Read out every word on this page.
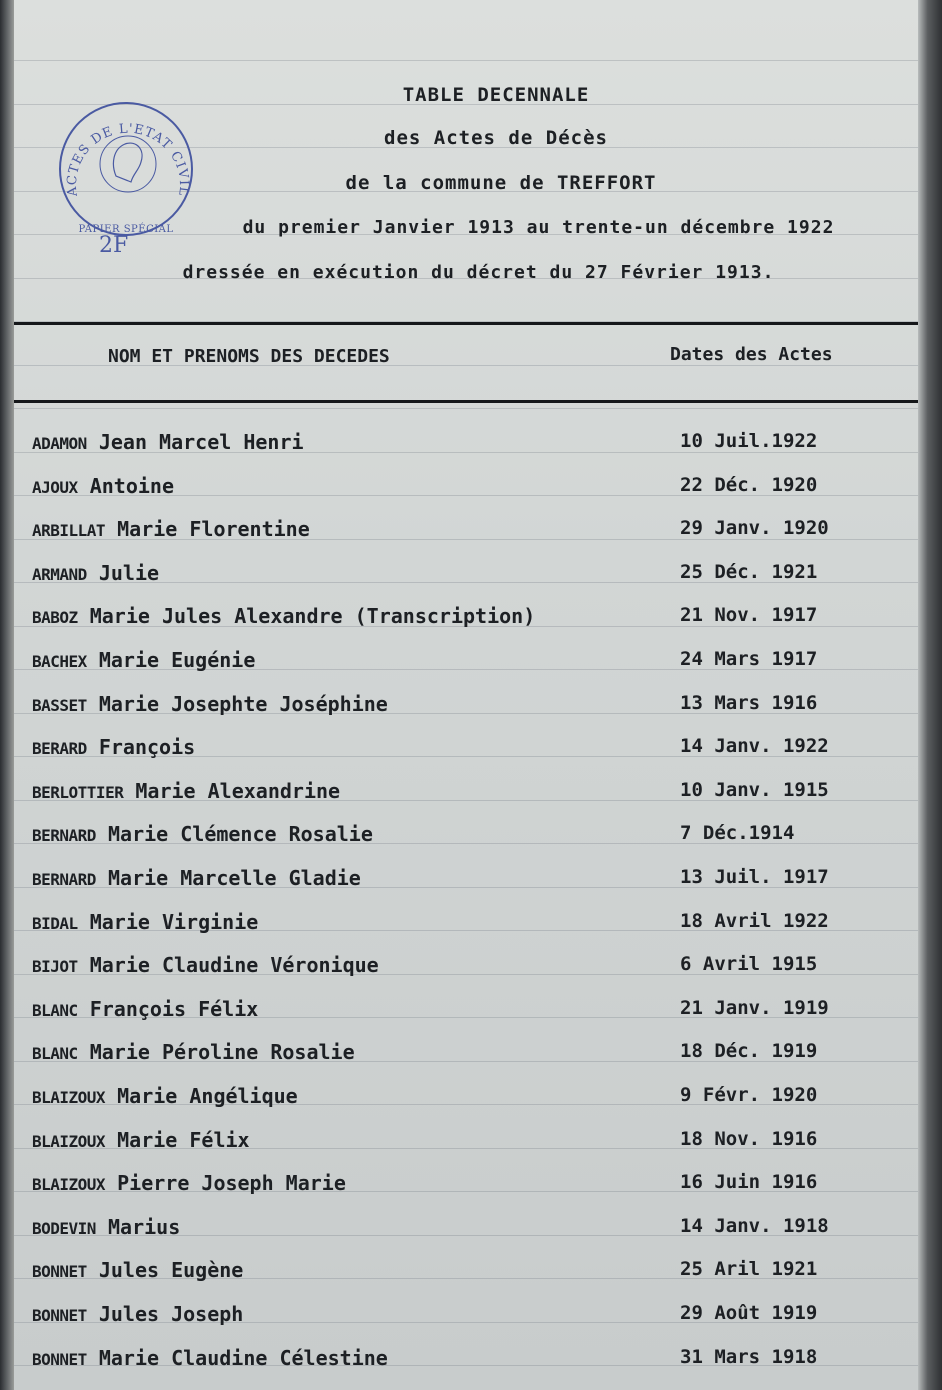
ACTES DE L'ETAT CIVIL
PAPIER SPÉCIAL
2F
TABLE DECENNALE
des Actes de Décès
de la commune de TREFFORT
du premier Janvier 1913 au trente-un décembre 1922
dressée en exécution du décret du 27 Février 1913.
NOM ET PRENOMS DES DECEDES	Dates des Actes
ADAMON Jean Marcel Henri	10 Juil.1922
AJOUX Antoine	22 Déc. 1920
ARBILLAT Marie Florentine	29 Janv. 1920
ARMAND Julie	25 Déc. 1921
BABOZ Marie Jules Alexandre (Transcription)	21 Nov. 1917
BACHEX Marie Eugénie	24 Mars 1917
BASSET Marie Josephte Joséphine	13 Mars 1916
BERARD François	14 Janv. 1922
BERLOTTIER Marie Alexandrine	10 Janv. 1915
BERNARD Marie Clémence Rosalie	7 Déc.1914
BERNARD Marie Marcelle Gladie	13 Juil. 1917
BIDAL Marie Virginie	18 Avril 1922
BIJOT Marie Claudine Véronique	6 Avril 1915
BLANC François Félix	21 Janv. 1919
BLANC Marie Péroline Rosalie	18 Déc. 1919
BLAIZOUX Marie Angélique	9 Févr. 1920
BLAIZOUX Marie Félix	18 Nov. 1916
BLAIZOUX Pierre Joseph Marie	16 Juin 1916
BODEVIN Marius	14 Janv. 1918
BONNET Jules Eugène	25 Aril 1921
BONNET Jules Joseph	29 Août 1919
BONNET Marie Claudine Célestine	31 Mars 1918
